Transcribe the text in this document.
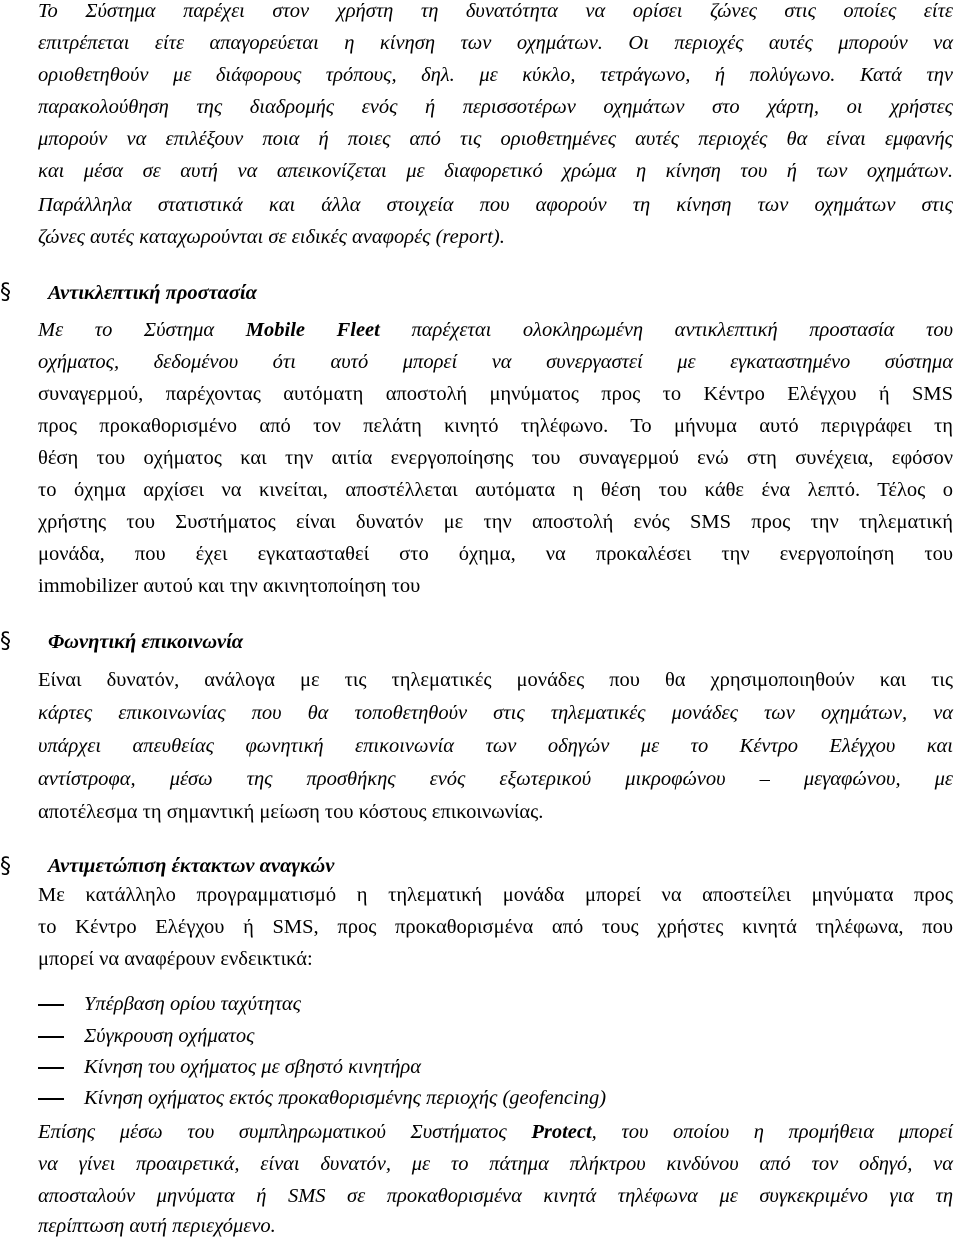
Το Σύστημα παρέχει στον χρήστη τη δυνατότητα να ορίσει ζώνες στις οποίες είτε
επιτρέπεται είτε απαγορεύεται η κίνηση των οχημάτων. Οι περιοχές αυτές μπορούν να
οριοθετηθούν με διάφορους τρόπους, δηλ. με κύκλο, τετράγωνο, ή πολύγωνο. Κατά την
παρακολούθηση της διαδρομής ενός ή περισσοτέρων οχημάτων στο χάρτη, οι χρήστες
μπορούν να επιλέξουν ποια ή ποιες από τις οριοθετημένες αυτές περιοχές θα είναι εμφανής
και μέσα σε αυτή να απεικονίζεται με διαφορετικό χρώμα η κίνηση του ή των οχημάτων.
Παράλληλα στατιστικά και άλλα στοιχεία που αφορούν τη κίνηση των οχημάτων στις
ζώνες αυτές καταχωρούνται σε ειδικές αναφορές (report).
§	Αντικλεπτική προστασία
Με το Σύστημα Mobile Fleet παρέχεται ολοκληρωμένη αντικλεπτική προστασία του
οχήματος, δεδομένου ότι αυτό μπορεί να συνεργαστεί με εγκαταστημένο σύστημα
συναγερμού, παρέχοντας αυτόματη αποστολή μηνύματος προς το Κέντρο Ελέγχου ή SMS
προς προκαθορισμένο από τον πελάτη κινητό τηλέφωνο. Το μήνυμα αυτό περιγράφει τη
θέση του οχήματος και την αιτία ενεργοποίησης του συναγερμού ενώ στη συνέχεια, εφόσον
το όχημα αρχίσει να κινείται, αποστέλλεται αυτόματα η θέση του κάθε ένα λεπτό. Τέλος ο
χρήστης του Συστήματος είναι δυνατόν με την αποστολή ενός SMS προς την τηλεματική
μονάδα, που έχει εγκατασταθεί στο όχημα, να προκαλέσει την ενεργοποίηση του
immobilizer αυτού και την ακινητοποίηση του
§	Φωνητική επικοινωνία
Είναι δυνατόν, ανάλογα με τις τηλεματικές μονάδες που θα χρησιμοποιηθούν και τις
κάρτες επικοινωνίας που θα τοποθετηθούν στις τηλεματικές μονάδες των οχημάτων, να
υπάρχει απευθείας φωνητική επικοινωνία των οδηγών με το Κέντρο Ελέγχου και
αντίστροφα, μέσω της προσθήκης ενός εξωτερικού μικροφώνου – μεγαφώνου, με
αποτέλεσμα τη σημαντική μείωση του κόστους επικοινωνίας.
§	Αντιμετώπιση έκτακτων αναγκών
Με κατάλληλο προγραμματισμό η τηλεματική μονάδα μπορεί να αποστείλει μηνύματα προς
το Κέντρο Ελέγχου ή SMS, προς προκαθορισμένα από τους χρήστες κινητά τηλέφωνα, που
μπορεί να αναφέρουν ενδεικτικά:
Υπέρβαση ορίου ταχύτητας
Σύγκρουση οχήματος
Κίνηση του οχήματος με σβηστό κινητήρα
Κίνηση οχήματος εκτός προκαθορισμένης περιοχής (geofencing)
Επίσης μέσω του συμπληρωματικού Συστήματος Protect, του οποίου η προμήθεια μπορεί
να γίνει προαιρετικά, είναι δυνατόν, με το πάτημα πλήκτρου κινδύνου από τον οδηγό, να
αποσταλούν μηνύματα ή SMS σε προκαθορισμένα κινητά τηλέφωνα με συγκεκριμένο για τη
περίπτωση αυτή περιεχόμενο.
